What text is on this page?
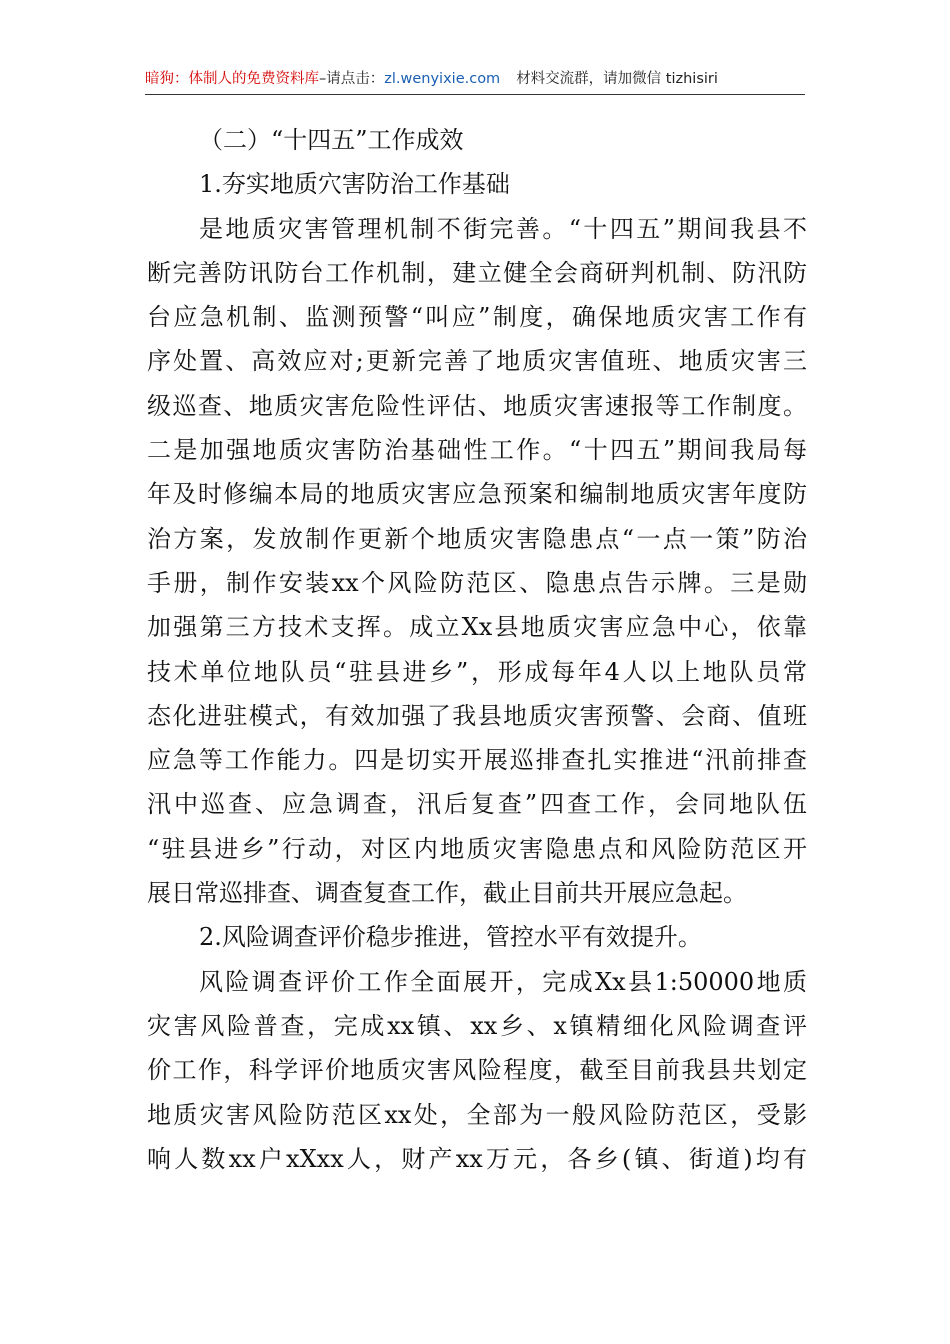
暗狗：体制人的免费资料库–请点击：zl.wenyixie.com 材料交流群，请加微信 tizhisiri
（二）“十四五”工作成效
1.夯实地质穴害防治工作基础
是地质灾害管理机制不街完善。“十四五”期间我县不
断完善防讯防台工作机制，建立健全会商研判机制、防汛防
台应急机制、监测预警“叫应”制度，确保地质灾害工作有
序处置、高效应对;更新完善了地质灾害值班、地质灾害三
级巡查、地质灾害危险性评估、地质灾害速报等工作制度。
二是加强地质灾害防治基础性工作。“十四五”期间我局每
年及时修编本局的地质灾害应急预案和编制地质灾害年度防
治方案，发放制作更新个地质灾害隐患点“一点一策”防治
手册，制作安装xx个风险防范区、隐患点告示牌。三是勋
加强第三方技术支挥。成立Xx县地质灾害应急中心，依靠
技术单位地队员“驻县进乡”，形成每年4人以上地队员常
态化进驻模式，有效加强了我县地质灾害预警、会商、值班
应急等工作能力。四是切实开展巡排查扎实推进“汛前排查
汛中巡查、应急调查，汛后复查”四查工作，会同地队伍
“驻县进乡”行动，对区内地质灾害隐患点和风险防范区开
展日常巡排查、调查复查工作，截止目前共开展应急起。
2.风险调查评价稳步推进，管控水平有效提升。
风险调查评价工作全面展开，完成Xx县1:50000地质
灾害风险普查，完成xx镇、xx乡、x镇精细化风险调查评
价工作，科学评价地质灾害风险程度，截至目前我县共划定
地质灾害风险防范区xx处，全部为一般风险防范区，受影
响人数xx户xXxx人，财产xx万元，各乡(镇、街道)均有
